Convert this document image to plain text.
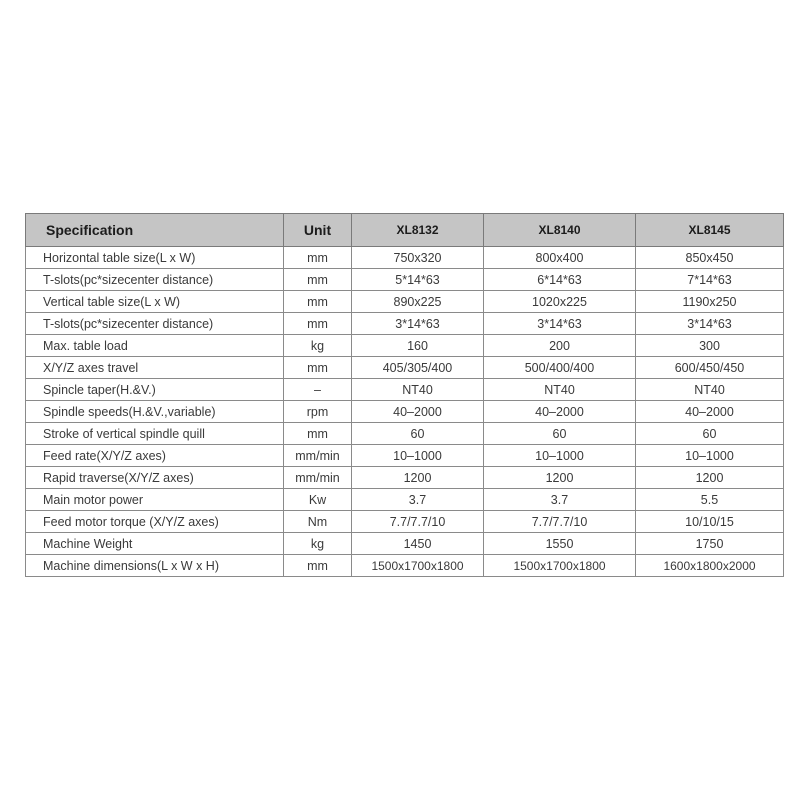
Specification	Unit	XL8132	XL8140	XL8145
Horizontal table size(L x W)	mm	750x320	800x400	850x450
T-slots(pc*sizecenter distance)	mm	5*14*63	6*14*63	7*14*63
Vertical table size(L x W)	mm	890x225	1020x225	1190x250
T-slots(pc*sizecenter distance)	mm	3*14*63	3*14*63	3*14*63
Max. table load	kg	160	200	300
X/Y/Z axes travel	mm	405/305/400	500/400/400	600/450/450
Spincle taper(H.&V.)	–	NT40	NT40	NT40
Spindle speeds(H.&V.,variable)	rpm	40–2000	40–2000	40–2000
Stroke of vertical spindle quill	mm	60	60	60
Feed rate(X/Y/Z axes)	mm/min	10–1000	10–1000	10–1000
Rapid traverse(X/Y/Z axes)	mm/min	1200	1200	1200
Main motor power	Kw	3.7	3.7	5.5
Feed motor torque (X/Y/Z axes)	Nm	7.7/7.7/10	7.7/7.7/10	10/10/15
Machine Weight	kg	1450	1550	1750
Machine dimensions(L x W x H)	mm	1500x1700x1800	1500x1700x1800	1600x1800x2000
